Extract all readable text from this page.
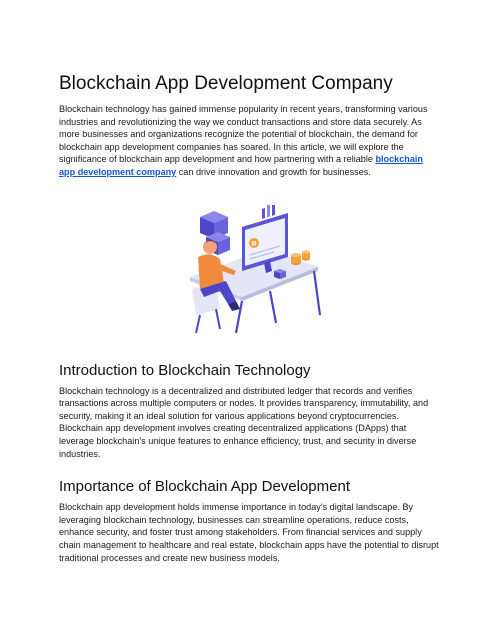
Blockchain App Development Company

Blockchain technology has gained immense popularity in recent years, transforming various industries and revolutionizing the way we conduct transactions and store data securely. As more businesses and organizations recognize the potential of blockchain, the demand for blockchain app development companies has soared. In this article, we will explore the significance of blockchain app development and how partnering with a reliable blockchain app development company can drive innovation and growth for businesses.

B
Introduction to Blockchain Technology

Blockchain technology is a decentralized and distributed ledger that records and verifies transactions across multiple computers or nodes. It provides transparency, immutability, and security, making it an ideal solution for various applications beyond cryptocurrencies. Blockchain app development involves creating decentralized applications (DApps) that leverage blockchain's unique features to enhance efficiency, trust, and security in diverse industries.

Importance of Blockchain App Development

Blockchain app development holds immense importance in today's digital landscape. By leveraging blockchain technology, businesses can streamline operations, reduce costs, enhance security, and foster trust among stakeholders. From financial services and supply chain management to healthcare and real estate, blockchain apps have the potential to disrupt traditional processes and create new business models.
